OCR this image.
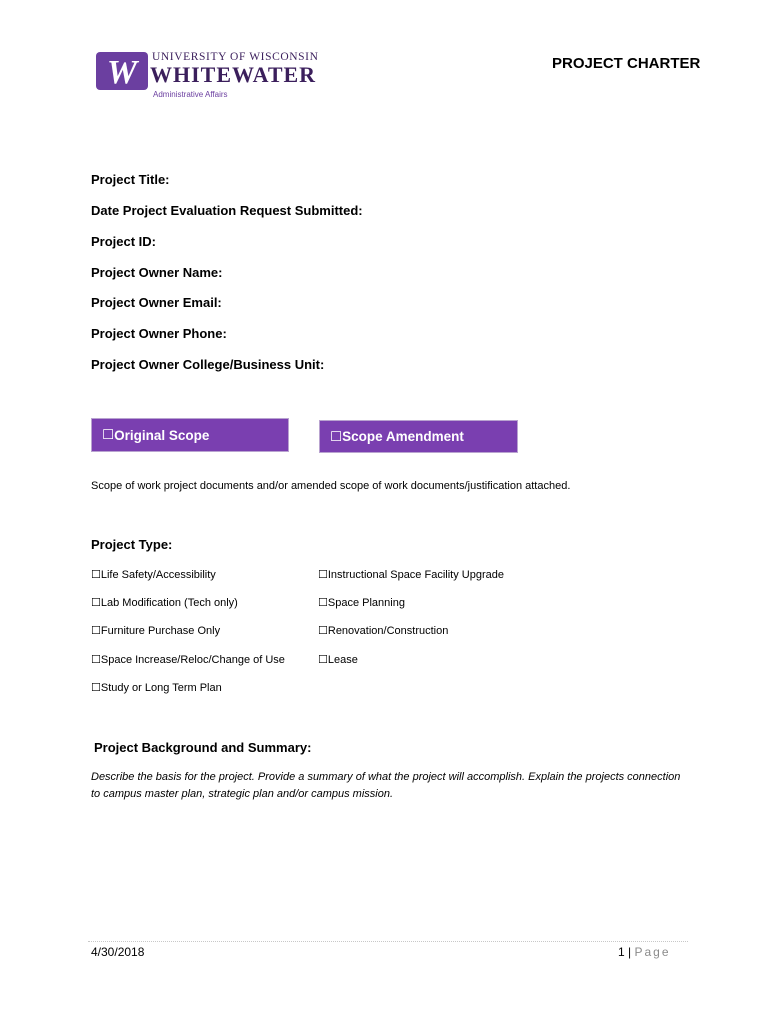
W UNIVERSITY OF WISCONSIN
WHITEWATER
Administrative Affairs
PROJECT CHARTER
Project Title:
Date Project Evaluation Request Submitted:
Project ID:
Project Owner Name:
Project Owner Email:
Project Owner Phone:
Project Owner College/Business Unit:
☐ Original Scope	☐ Scope Amendment
Scope of work project documents and/or amended scope of work documents/justification attached.
Project Type:
☐Life Safety/Accessibility
☐Lab Modification (Tech only)
☐Furniture Purchase Only
☐Space Increase/Reloc/Change of Use
☐Study or Long Term Plan
☐Instructional Space Facility Upgrade
☐Space Planning
☐Renovation/Construction
☐Lease
Project Background and Summary:
Describe the basis for the project. Provide a summary of what the project will accomplish. Explain the projects connection to campus master plan, strategic plan and/or campus mission.
4/30/2018	1 | Page
